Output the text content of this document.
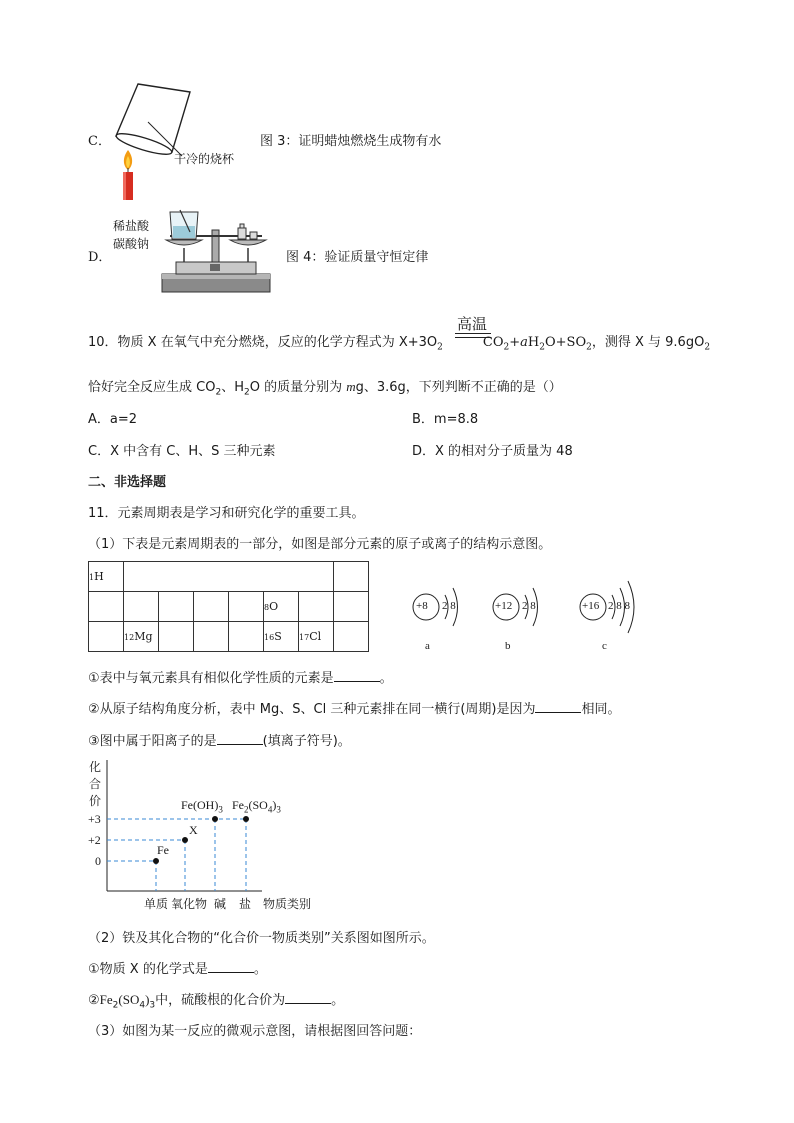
C．
干冷的烧杯
图 3：证明蜡烛燃烧生成物有水
D．
稀盐酸
碳酸钠
图 4：验证质量守恒定律
高温
10．物质 X 在氧气中充分燃烧，反应的化学方程式为 $X+3O_2$	$CO_2+aH_2O+SO_2$，测得 X 与 $9.6gO_2$
恰好完全反应生成 $CO_2$、$H_2O$ 的质量分别为 mg、3.6g，下列判断不正确的是（）
A．a=2	B．m=8.8
C．X 中含有 C、H、S 三种元素	D．X 的相对分子质量为 48
二、非选择题
11．元素周期表是学习和研究化学的重要工具。
（1）下表是元素周期表的一部分，如图是部分元素的原子或离子的结构示意图。
1H							
					8O		
	12Mg				16S	17Cl	
+8 2 8
a
+12 2 8
b
+16 2 8 8
c
①表中与氧元素具有相似化学性质的元素是	。
②从原子结构角度分析，表中 Mg、S、Cl 三种元素排在同一横行(周期)是因为	相同。
③图中属于阳离子的是	(填离子符号)。
化
合
价
+3
+2
0
Fe
X
$Fe(OH)_3$ $Fe_2(SO_4)_3$
单质 氧化物 碱 盐 物质类别
（2）铁及其化合物的“化合价一物质类别”关系图如图所示。
①物质 X 的化学式是	。
$②Fe_2(SO_4)_3$中，硫酸根的化合价为	。
（3）如图为某一反应的微观示意图，请根据图回答问题：
